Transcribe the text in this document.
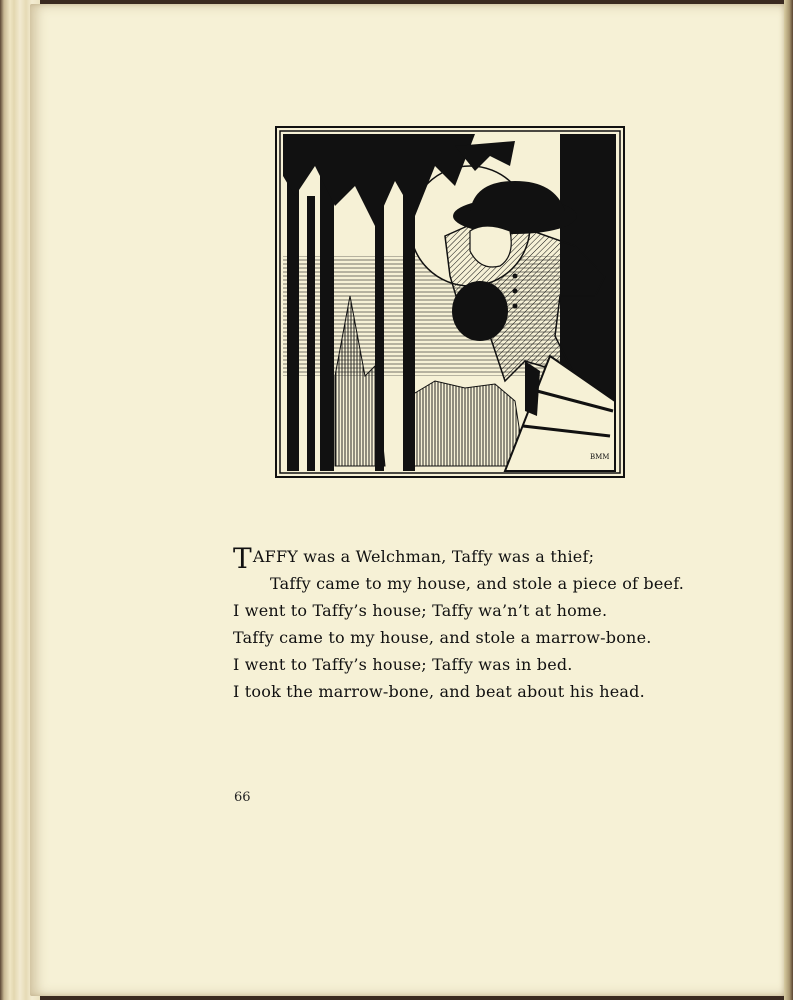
BMM
TAFFY was a Welchman, Taffy was a thief;
Taffy came to my house, and stole a piece of beef.
I went to Taffy’s house; Taffy wa’n’t at home.
Taffy came to my house, and stole a marrow-bone.
I went to Taffy’s house; Taffy was in bed.
I took the marrow-bone, and beat about his head.
66
